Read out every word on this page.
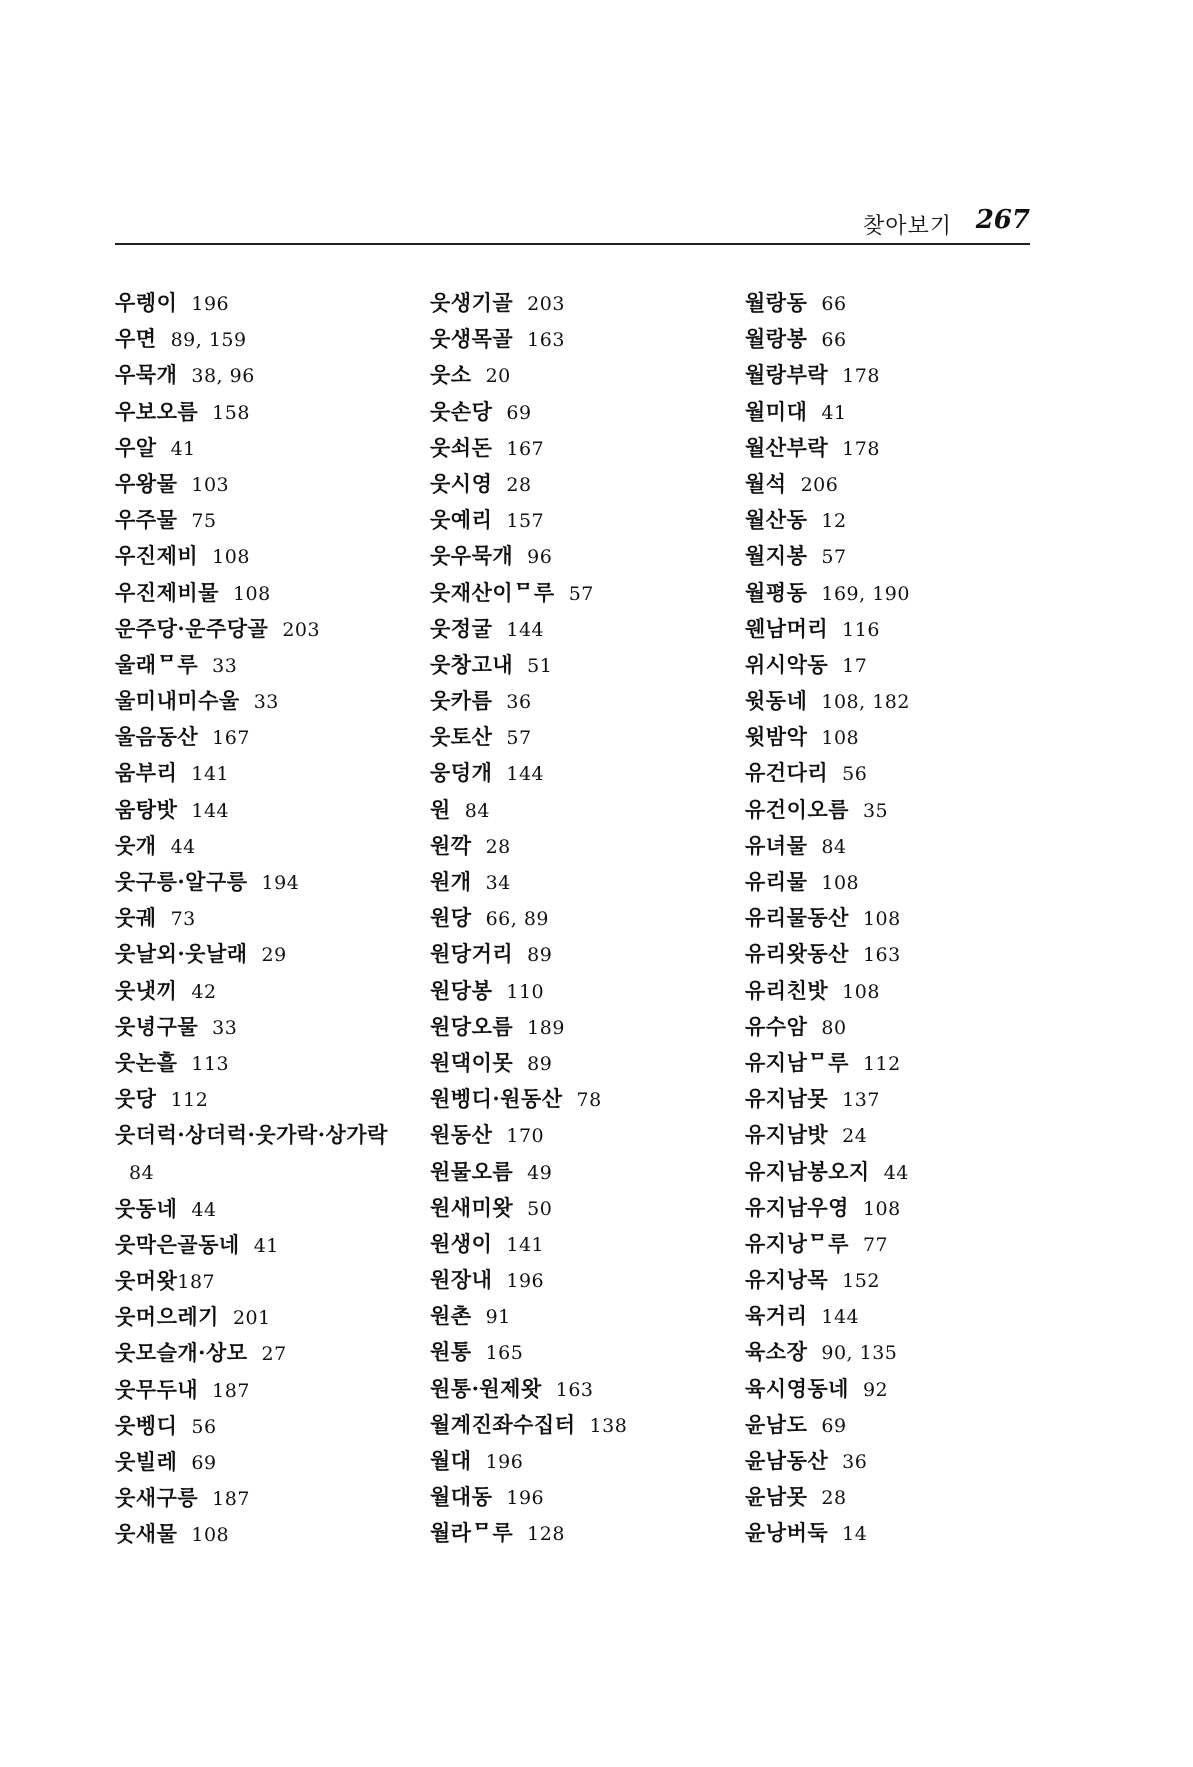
찾아보기 267
우렝이 196
우면 89, 159
우묵개 38, 96
우보오름 158
우알 41
우왕물 103
우주물 75
우진제비 108
우진제비물 108
운주당·운주당골 203
울래ᄆ루 33
울미내미수울 33
울음동산 167
움부리 141
움탕밧 144
웃개 44
웃구릉·알구릉 194
웃궤 73
웃날외·웃날래 29
웃냇끼 42
웃녕구물 33
웃논흘 113
웃당 112
웃더럭·상더럭·웃가락·상가락84
웃동네 44
웃막은골동네 41
웃머왓187
웃머으레기 201
웃모슬개·상모 27
웃무두내 187
웃벵디 56
웃빌레 69
웃새구릉 187
웃새물 108
웃생기골 203
웃생목골 163
웃소 20
웃손당 69
웃쇠돈 167
웃시영 28
웃예리 157
웃우묵개 96
웃재산이ᄆ루 57
웃정굴 144
웃창고내 51
웃카름 36
웃토산 57
웅덩개 144
원 84
원깍 28
원개 34
원당 66, 89
원당거리 89
원당봉 110
원당오름 189
원댁이못 89
원벵디·원동산 78
원동산 170
원물오름 49
원새미왓 50
원생이 141
원장내 196
원촌 91
원통 165
원통·원제왓 163
월계진좌수집터 138
월대 196
월대동 196
월라ᄆ루 128
월랑동 66
월랑봉 66
월랑부락 178
월미대 41
월산부락 178
월석 206
월산동 12
월지봉 57
월평동 169, 190
웬남머리 116
위시악동 17
윗동네 108, 182
윗밤악 108
유건다리 56
유건이오름 35
유녀물 84
유리물 108
유리물동산 108
유리왓동산 163
유리친밧 108
유수암 80
유지남ᄆ루 112
유지남못 137
유지남밧 24
유지남봉오지 44
유지남우영 108
유지낭ᄆ루 77
유지낭목 152
육거리 144
육소장 90, 135
육시영동네 92
윤남도 69
윤남동산 36
윤남못 28
윤낭버둑 14
